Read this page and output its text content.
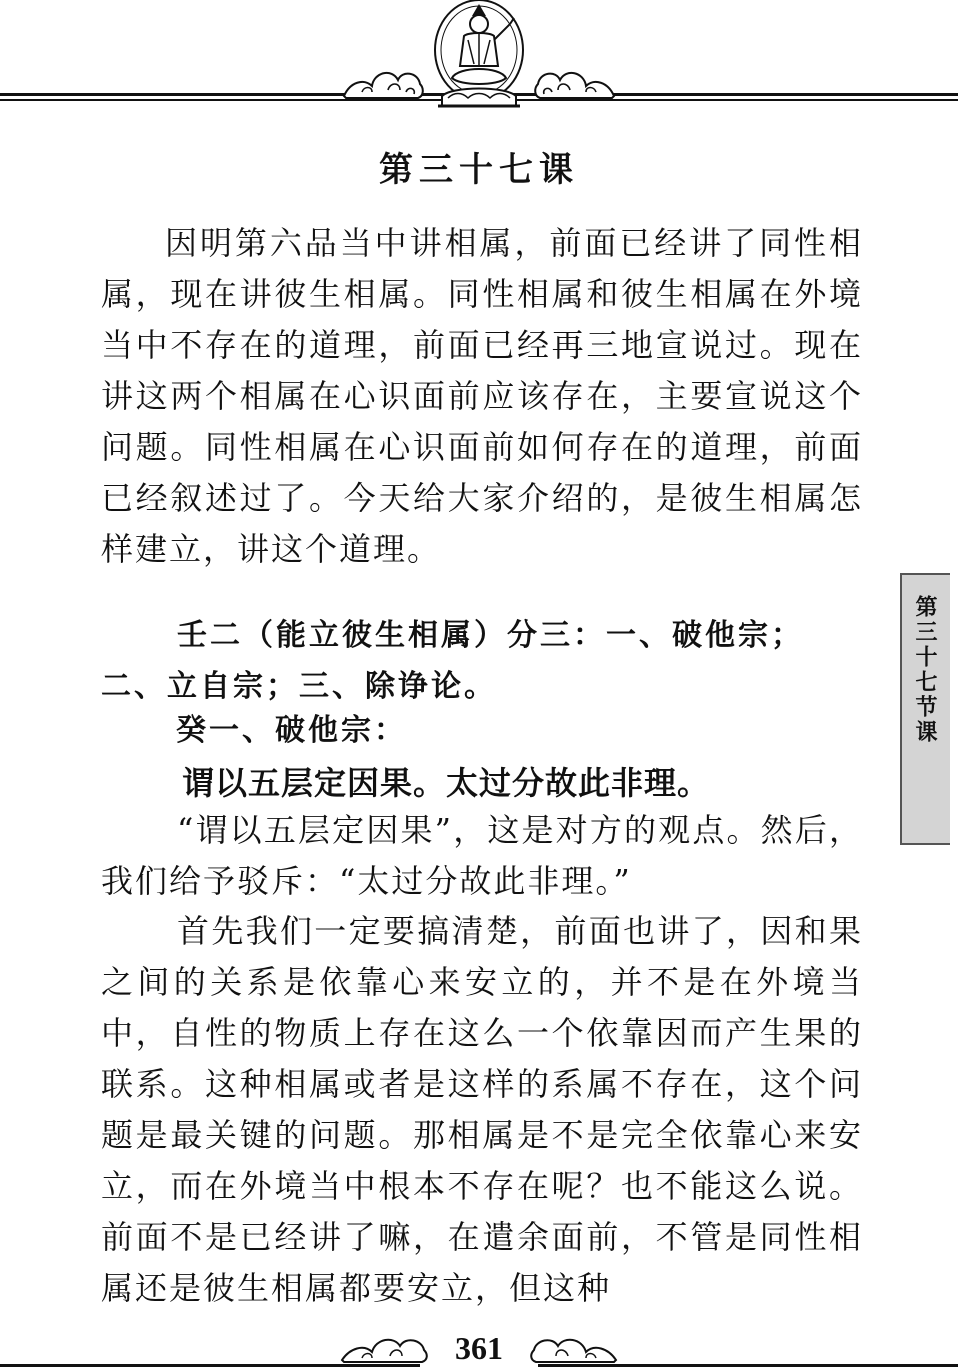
第三十七课

因明第六品当中讲相属，前面已经讲了同性相属，现在讲彼生相属。同性相属和彼生相属在外境当中不存在的道理，前面已经再三地宣说过。现在讲这两个相属在心识面前应该存在，主要宣说这个问题。同性相属在心识面前如何存在的道理，前面已经叙述过了。今天给大家介绍的，是彼生相属怎样建立，讲这个道理。

壬二（能立彼生相属）分三：一、破他宗；二、立自宗；三、除诤论。

癸一、破他宗：

谓以五层定因果。太过分故此非理。

“谓以五层定因果”，这是对方的观点。然后，我们给予驳斥：“太过分故此非理。”

首先我们一定要搞清楚，前面也讲了，因和果之间的关系是依靠心来安立的，并不是在外境当中，自性的物质上存在这么一个依靠因而产生果的联系。这种相属或者是这样的系属不存在，这个问题是最关键的问题。那相属是不是完全依靠心来安立，而在外境当中根本不存在呢？也不能这么说。前面不是已经讲了嘛，在遣余面前，不管是同性相属还是彼生相属都要安立，但这种

第三十七节课
361
